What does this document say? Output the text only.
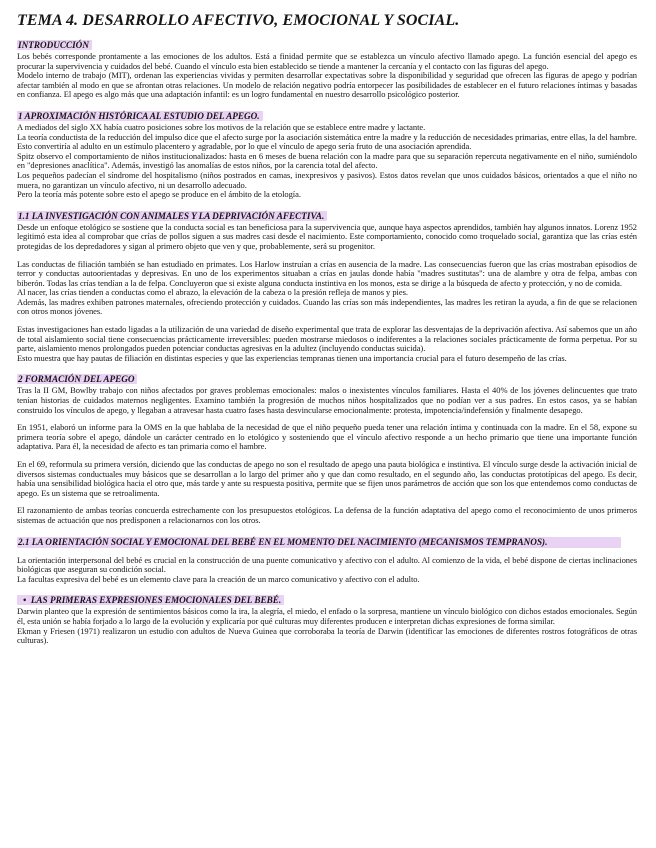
TEMA 4. DESARROLLO AFECTIVO, EMOCIONAL Y SOCIAL.
INTRODUCCIÓN

Los bebés corresponde prontamente a las emociones de los adultos. Está a finidad permite que se establezca un vínculo afectivo llamado apego. La función esencial del apego es procurar la supervivencia y cuidados del bebé. Cuando el vínculo esta bien establecido se tiende a mantener la cercanía y el contacto con las figuras del apego.

Modelo interno de trabajo (MIT), ordenan las experiencias vividas y permiten desarrollar expectativas sobre la disponibilidad y seguridad que ofrecen las figuras de apego y podrían afectar también al modo en que se afrontan otras relaciones. Un modelo de relación negativo podría entorpecer las posibilidades de establecer en el futuro relaciones íntimas y basadas en confianza. El apego es algo más que una adaptación infantil: es un logro fundamental en nuestro desarrollo psicológico posterior.

1 APROXIMACIÓN HISTÓRICA AL ESTUDIO DEL APEGO.

A mediados del siglo XX había cuatro posiciones sobre los motivos de la relación que se establece entre madre y lactante.

La teoría conductista de la reducción del impulso dice que el afecto surge por la asociación sistemática entre la madre y la reducción de necesidades primarias, entre ellas, la del hambre. Esto convertiría al adulto en un estímulo placentero y agradable, por lo que el vínculo de apego sería fruto de una asociación aprendida.

Spitz observo el comportamiento de niños institucionalizados: hasta en 6 meses de buena relación con la madre para que su separación repercuta negativamente en el niño, sumiéndolo en "depresiones anaclítica". Además, investigó las anomalías de estos niños, por la carencia total del afecto.

Los pequeños padecían el síndrome del hospitalismo (niños postrados en camas, inexpresivos y pasivos). Estos datos revelan que unos cuidados básicos, orientados a que el niño no muera, no garantizan un vínculo afectivo, ni un desarrollo adecuado.

Pero la teoría más potente sobre esto el apego se produce en el ámbito de la etología.

1.1 LA INVESTIGACIÓN CON ANIMALES Y LA DEPRIVACIÓN AFECTIVA.

Desde un enfoque etológico se sostiene que la conducta social es tan beneficiosa para la supervivencia que, aunque haya aspectos aprendidos, también hay algunos innatos. Lorenz 1952 legitimó esta idea al comprobar que crías de pollos siguen a sus madres casi desde el nacimiento. Este comportamiento, conocido como troquelado social, garantiza que las crías estén protegidas de los depredadores y sigan al primero objeto que ven y que, probablemente, será su progenitor.

Las conductas de filiación también se han estudiado en primates. Los Harlow instruían a crías en ausencia de la madre. Las consecuencias fueron que las crías mostraban episodios de terror y conductas autoorientadas y depresivas. En uno de los experimentos situaban a crías en jaulas donde había "madres sustitutas": una de alambre y otra de felpa, ambas con biberón. Todas las crías tendían a la de felpa. Concluyeron que si existe alguna conducta instintiva en los monos, esta se dirige a la búsqueda de afecto y protección, y no de comida.

Al nacer, las crías tienden a conductas como el abrazo, la elevación de la cabeza o la presión refleja de manos y pies.

Además, las madres exhiben patrones maternales, ofreciendo protección y cuidados. Cuando las crías son más independientes, las madres les retiran la ayuda, a fin de que se relacionen con otros monos jóvenes.

Estas investigaciones han estado ligadas a la utilización de una variedad de diseño experimental que trata de explorar las desventajas de la deprivación afectiva. Así sabemos que un año de total aislamiento social tiene consecuencias prácticamente irreversibles: pueden mostrarse miedosos o indiferentes a la relaciones sociales prácticamente de forma perpetua. Por su parte, aislamiento menos prolongados pueden potenciar conductas agresivas en la adultez (incluyendo conductas suicida).

Esto muestra que hay pautas de filiación en distintas especies y que las experiencias tempranas tienen una importancia crucial para el futuro desempeño de las crías.

2 FORMACIÓN DEL APEGO

Tras la II GM, Bowlby trabajo con niños afectados por graves problemas emocionales: malos o inexistentes vínculos familiares. Hasta el 40% de los jóvenes delincuentes que trato tenían historias de cuidados maternos negligentes. Examino también la progresión de muchos niños hospitalizados que no podían ver a sus padres. En estos casos, ya se habían construido los vínculos de apego, y llegaban a atravesar hasta cuatro fases hasta desvincularse emocionalmente: protesta, impotencia/indefensión y finalmente desapego.

En 1951, elaboró un informe para la OMS en la que hablaba de la necesidad de que el niño pequeño pueda tener una relación íntima y continuada con la madre. En el 58, expone su primera teoría sobre el apego, dándole un carácter centrado en lo etológico y sosteniendo que el vínculo afectivo responde a un hecho primario que tiene una importante función adaptativa. Para él, la necesidad de afecto es tan primaria como el hambre.

En el 69, reformula su primera versión, diciendo que las conductas de apego no son el resultado de apego una pauta biológica e instintiva. El vínculo surge desde la activación inicial de diversos sistemas conductuales muy básicos que se desarrollan a lo largo del primer año y que dan como resultado, en el segundo año, las conductas prototípicas del apego. Es decir, había una sensibilidad biológica hacia el otro que, más tarde y ante su respuesta positiva, permite que se fijen unos parámetros de acción que son los que entendemos como conductas de apego. Es un sistema que se retroalimenta.

El razonamiento de ambas teorías concuerda estrechamente con los presupuestos etológicos. La defensa de la función adaptativa del apego como el reconocimiento de unos primeros sistemas de actuación que nos predisponen a relacionarnos con los otros.

2.1 LA ORIENTACIÓN SOCIAL Y EMOCIONAL DEL BEBÉ EN EL MOMENTO DEL NACIMIENTO (MECANISMOS TEMPRANOS).

La orientación interpersonal del bebé es crucial en la construcción de una puente comunicativo y afectivo con el adulto. Al comienzo de la vida, el bebé dispone de ciertas inclinaciones biológicas que aseguran su condición social.

La facultas expresiva del bebé es un elemento clave para la creación de un marco comunicativo y afectivo con el adulto.

•  LAS PRIMERAS EXPRESIONES EMOCIONALES DEL BEBÉ.

Darwin planteo que la expresión de sentimientos básicos como la ira, la alegría, el miedo, el enfado o la sorpresa, mantiene un vínculo biológico con dichos estados emocionales. Según él, esta unión se había forjado a lo largo de la evolución y explicaría por qué culturas muy diferentes producen e interpretan dichas expresiones de forma similar.

Ekman y Friesen (1971) realizaron un estudio con adultos de Nueva Guinea que corroboraba la teoría de Darwin (identificar las emociones de diferentes rostros fotográficos de otras culturas).
